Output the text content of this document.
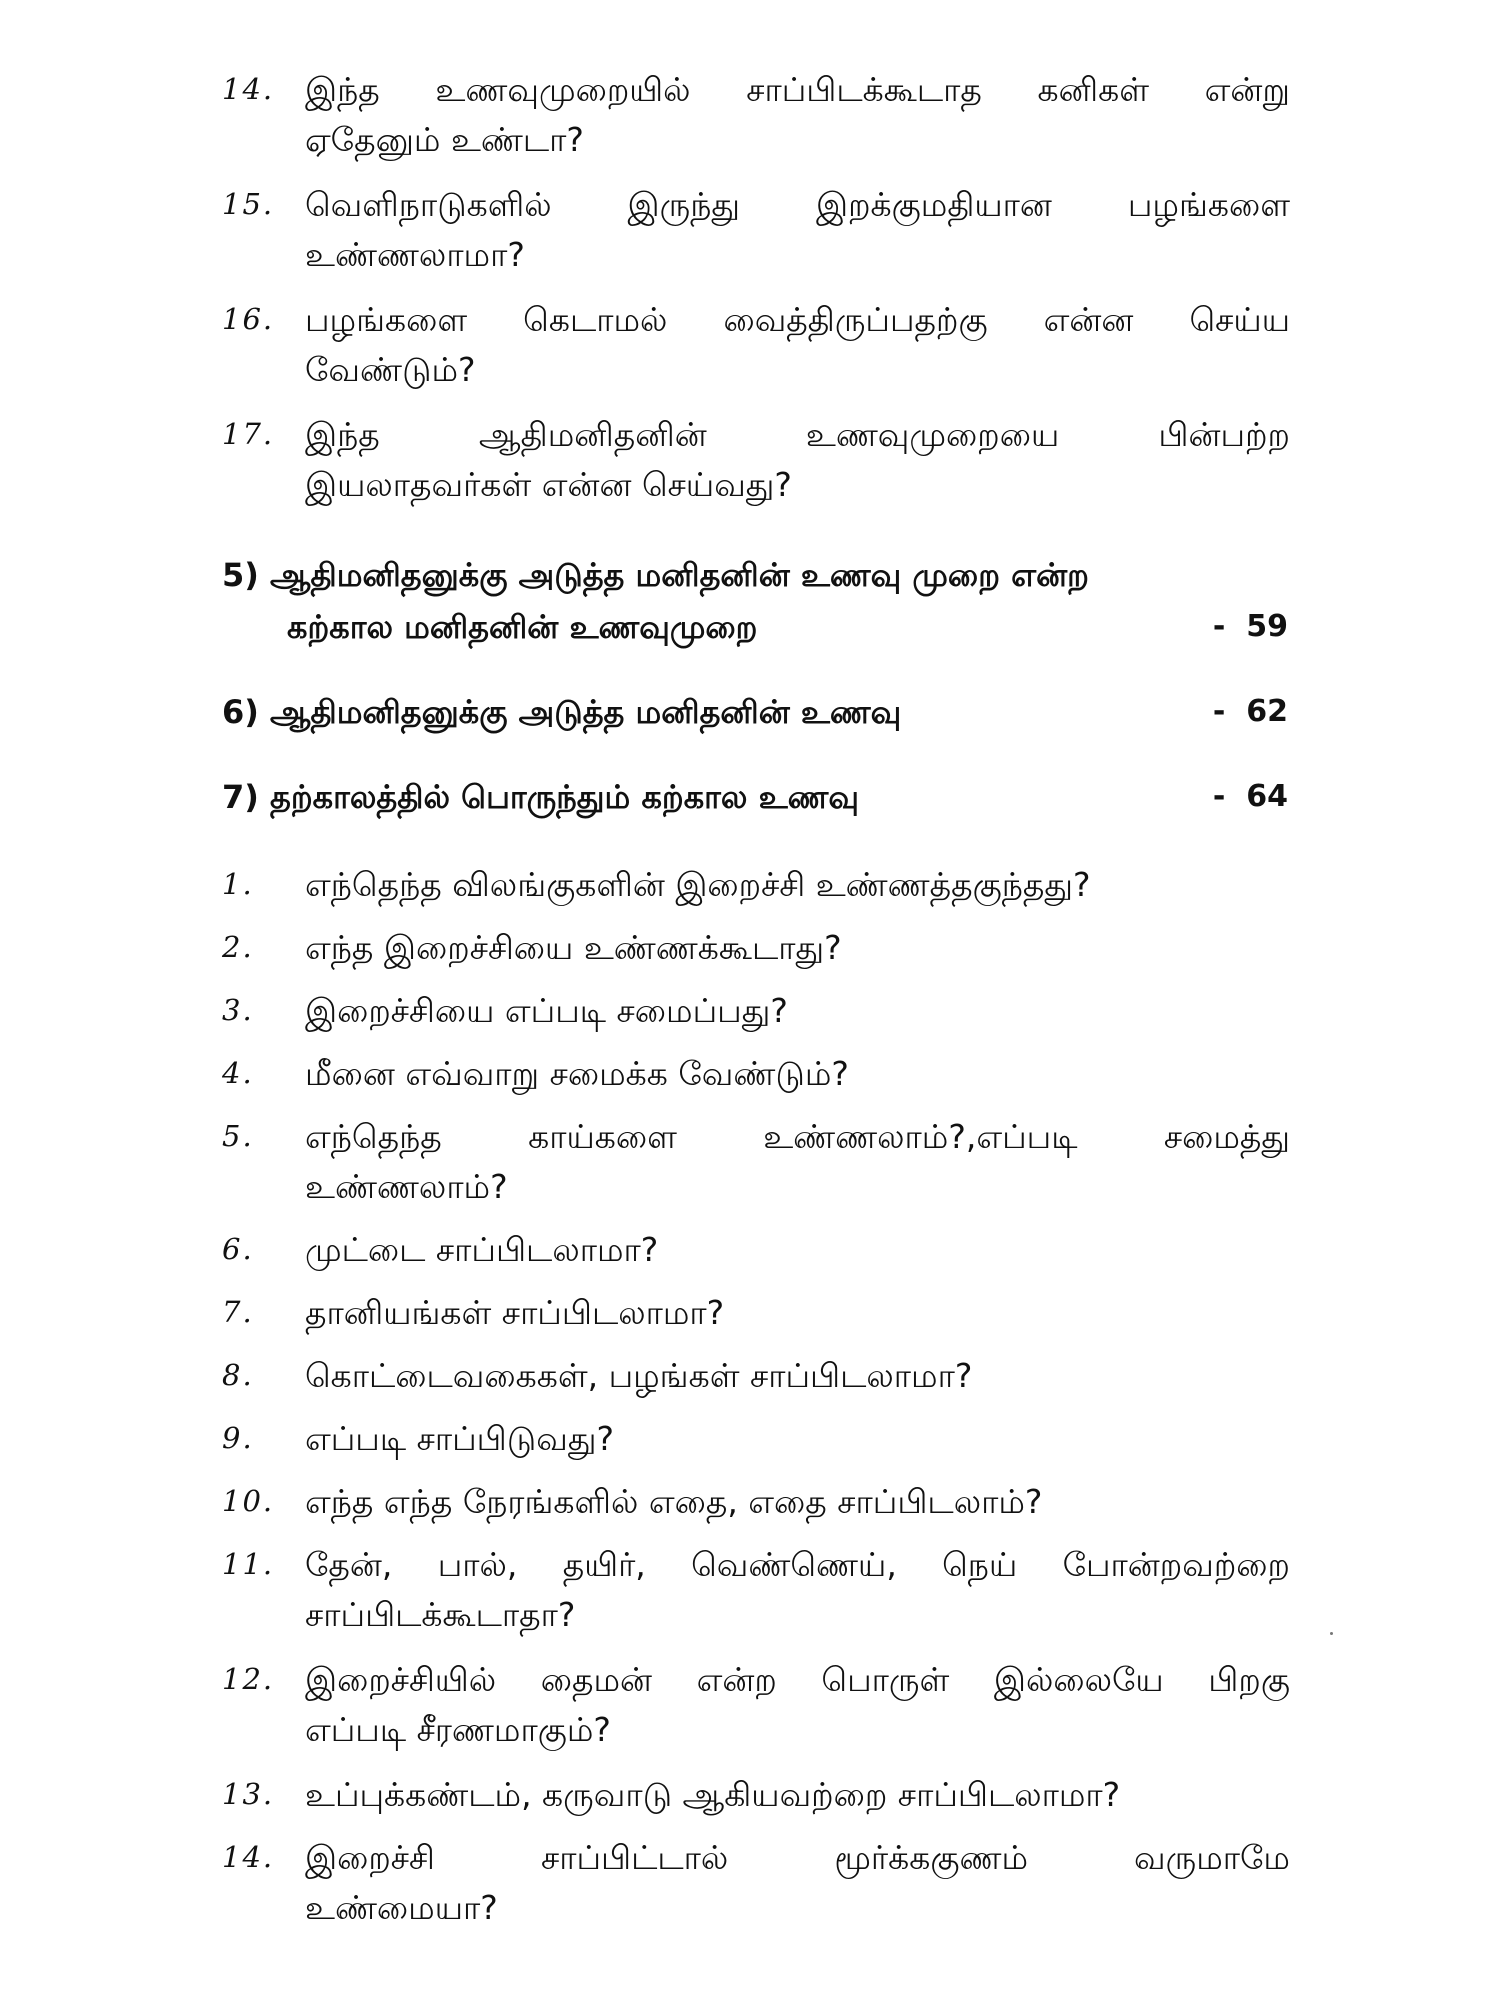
14. இந்த உணவுமுறையில் சாப்பிடக்கூடாத கனிகள் என்று
ஏதேனும் உண்டா?
15. வெளிநாடுகளில் இருந்து இறக்குமதியான பழங்களை
உண்ணலாமா?
16. பழங்களை கெடாமல் வைத்திருப்பதற்கு என்ன செய்ய
வேண்டும்?
17. இந்த ஆதிமனிதனின் உணவுமுறையை பின்பற்ற
இயலாதவர்கள் என்ன செய்வது?
5) ஆதிமனிதனுக்கு அடுத்த மனிதனின் உணவு முறை என்ற
கற்கால மனிதனின் உணவுமுறை	-  59
6) ஆதிமனிதனுக்கு அடுத்த மனிதனின் உணவு	-  62
7) தற்காலத்தில் பொருந்தும் கற்கால உணவு	-  64
1.	எந்தெந்த விலங்குகளின் இறைச்சி உண்ணத்தகுந்தது?
2.	எந்த இறைச்சியை உண்ணக்கூடாது?
3.	இறைச்சியை எப்படி சமைப்பது?
4.	மீனை எவ்வாறு சமைக்க வேண்டும்?
5.	எந்தெந்த காய்களை உண்ணலாம்?,எப்படி சமைத்து
உண்ணலாம்?
6.	முட்டை சாப்பிடலாமா?
7.	தானியங்கள் சாப்பிடலாமா?
8.	கொட்டைவகைகள், பழங்கள் சாப்பிடலாமா?
9.	எப்படி சாப்பிடுவது?
10. எந்த எந்த நேரங்களில் எதை, எதை சாப்பிடலாம்?
11. தேன், பால், தயிர், வெண்ணெய், நெய் போன்றவற்றை
சாப்பிடக்கூடாதா?
12. இறைச்சியில் தைமன் என்ற பொருள் இல்லையே பிறகு
எப்படி சீரணமாகும்?
13. உப்புக்கண்டம், கருவாடு ஆகியவற்றை சாப்பிடலாமா?
14. இறைச்சி சாப்பிட்டால் மூர்க்ககுணம் வருமாமே
உண்மையா?
